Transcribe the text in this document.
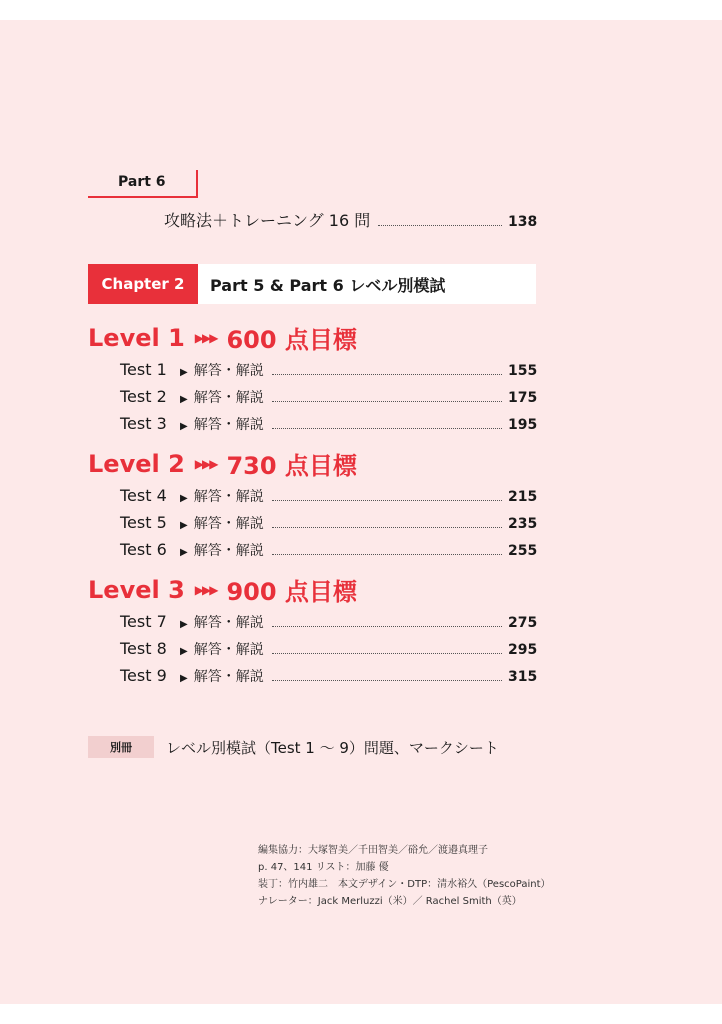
Part 6
攻略法＋トレーニング 16 問	138
Chapter 2	Part 5 & Part 6 レベル別模試
Level 1 ▶▶▶ 600 点目標
Test 1	▶ 解答・解説	155
Test 2	▶ 解答・解説	175
Test 3	▶ 解答・解説	195
Level 2 ▶▶▶ 730 点目標
Test 4	▶ 解答・解説	215
Test 5	▶ 解答・解説	235
Test 6	▶ 解答・解説	255
Level 3 ▶▶▶ 900 点目標
Test 7	▶ 解答・解説	275
Test 8	▶ 解答・解説	295
Test 9	▶ 解答・解説	315
別冊	レベル別模試（Test 1 ～ 9）問題、マークシート
編集協力：大塚智美／千田智美／硲允／渡邉真理子
p. 47、141 リスト：加藤 優
装丁：竹内雄二　本文デザイン・DTP：清水裕久（PescoPaint）
ナレーター：Jack Merluzzi（米）／ Rachel Smith（英）
